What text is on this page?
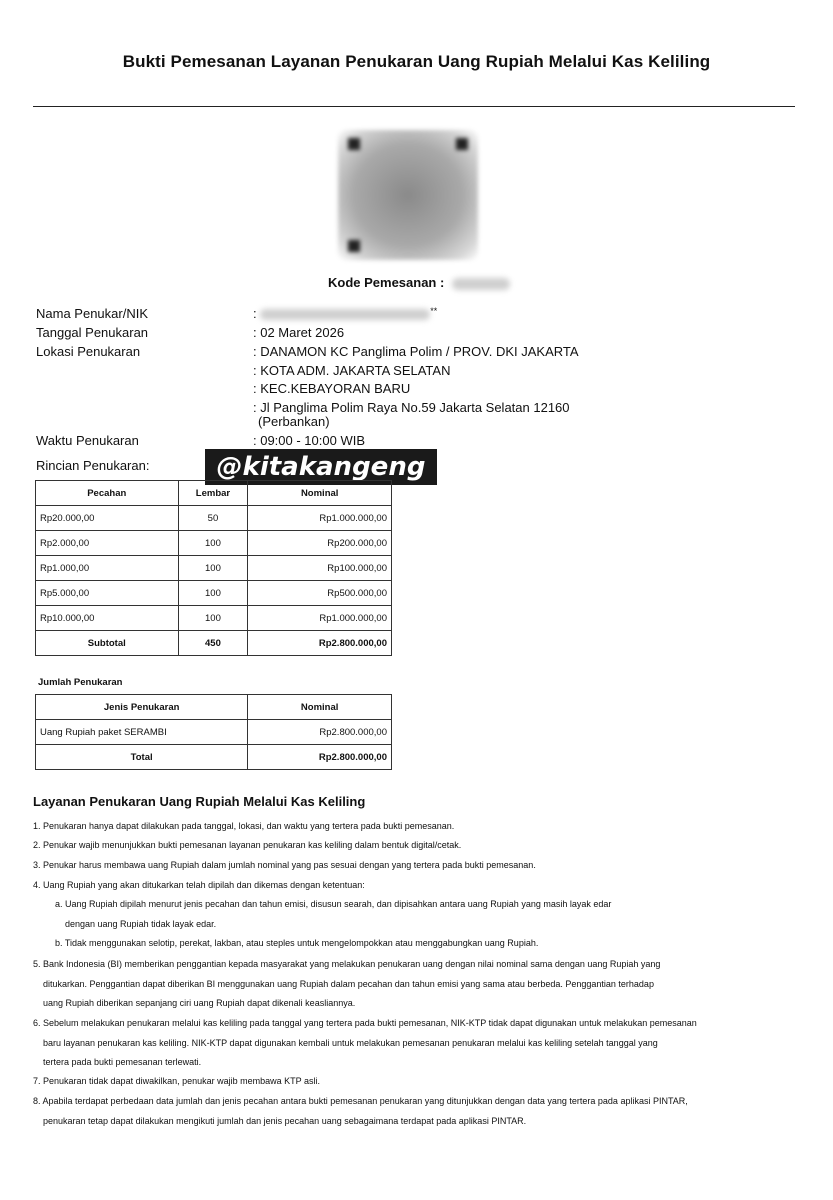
Bukti Pemesanan Layanan Penukaran Uang Rupiah Melalui Kas Keliling
Kode Pemesanan :
Nama Penukar/NIK	:	**
Tanggal Penukaran	: 02 Maret 2026
Lokasi Penukaran	: DANAMON KC Panglima Polim / PROV. DKI JAKARTA
: KOTA ADM. JAKARTA SELATAN
: KEC.KEBAYORAN BARU
: Jl Panglima Polim Raya No.59 Jakarta Selatan 12160
(Perbankan)
Waktu Penukaran	: 09:00 - 10:00 WIB
Rincian Penukaran:	@kitakangeng
Pecahan	Lembar	Nominal
Rp20.000,00	50	Rp1.000.000,00
Rp2.000,00	100	Rp200.000,00
Rp1.000,00	100	Rp100.000,00
Rp5.000,00	100	Rp500.000,00
Rp10.000,00	100	Rp1.000.000,00
Subtotal	450	Rp2.800.000,00
Jumlah Penukaran
Jenis Penukaran	Nominal
Uang Rupiah paket SERAMBI	Rp2.800.000,00
Total	Rp2.800.000,00
Layanan Penukaran Uang Rupiah Melalui Kas Keliling
1. Penukaran hanya dapat dilakukan pada tanggal, lokasi, dan waktu yang tertera pada bukti pemesanan.
2. Penukar wajib menunjukkan bukti pemesanan layanan penukaran kas keliling dalam bentuk digital/cetak.
3. Penukar harus membawa uang Rupiah dalam jumlah nominal yang pas sesuai dengan yang tertera pada bukti pemesanan.
4. Uang Rupiah yang akan ditukarkan telah dipilah dan dikemas dengan ketentuan:
a. Uang Rupiah dipilah menurut jenis pecahan dan tahun emisi, disusun searah, dan dipisahkan antara uang Rupiah yang masih layak edar
dengan uang Rupiah tidak layak edar.
b. Tidak menggunakan selotip, perekat, lakban, atau steples untuk mengelompokkan atau menggabungkan uang Rupiah.
5. Bank Indonesia (BI) memberikan penggantian kepada masyarakat yang melakukan penukaran uang dengan nilai nominal sama dengan uang Rupiah yang
ditukarkan. Penggantian dapat diberikan BI menggunakan uang Rupiah dalam pecahan dan tahun emisi yang sama atau berbeda. Penggantian terhadap
uang Rupiah diberikan sepanjang ciri uang Rupiah dapat dikenali keasliannya.
6. Sebelum melakukan penukaran melalui kas keliling pada tanggal yang tertera pada bukti pemesanan, NIK-KTP tidak dapat digunakan untuk melakukan pemesanan
baru layanan penukaran kas keliling. NIK-KTP dapat digunakan kembali untuk melakukan pemesanan penukaran melalui kas keliling setelah tanggal yang
tertera pada bukti pemesanan terlewati.
7. Penukaran tidak dapat diwakilkan, penukar wajib membawa KTP asli.
8. Apabila terdapat perbedaan data jumlah dan jenis pecahan antara bukti pemesanan penukaran yang ditunjukkan dengan data yang tertera pada aplikasi PINTAR,
penukaran tetap dapat dilakukan mengikuti jumlah dan jenis pecahan uang sebagaimana terdapat pada aplikasi PINTAR.
